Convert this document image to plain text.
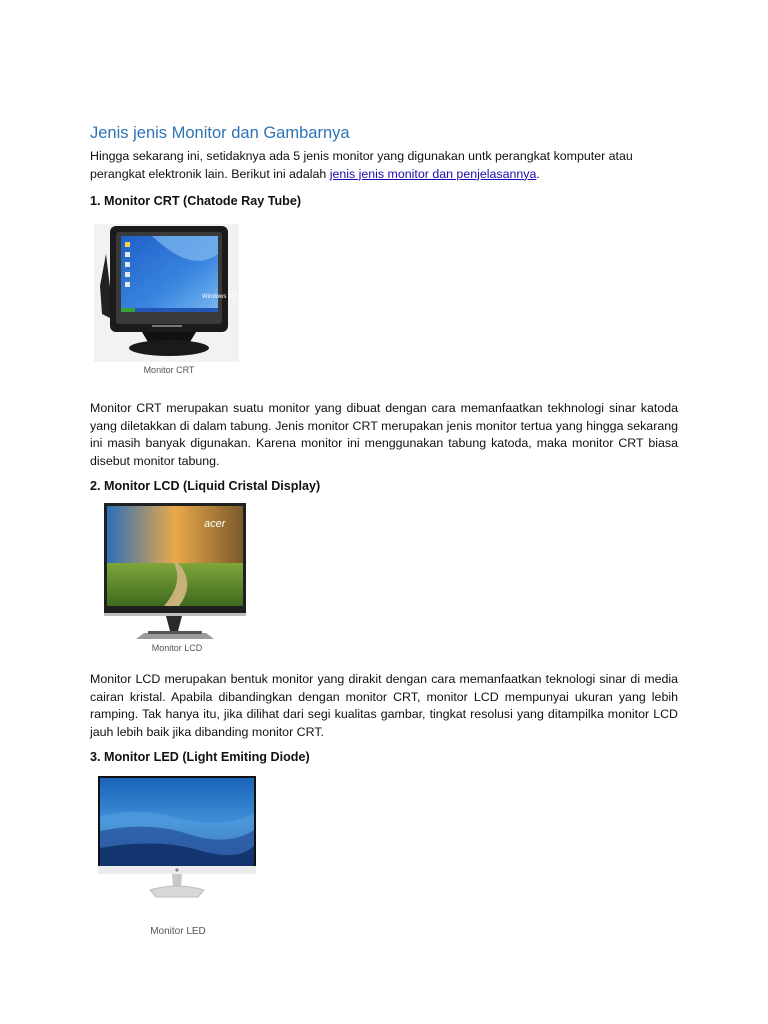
Jenis jenis Monitor dan Gambarnya

Hingga sekarang ini, setidaknya ada 5 jenis monitor yang digunakan untk perangkat komputer atau perangkat elektronik lain. Berikut ini adalah jenis jenis monitor dan penjelasannya.

1. Monitor CRT (Chatode Ray Tube)
Windows XP
Monitor CRT

Monitor CRT merupakan suatu monitor yang dibuat dengan cara memanfaatkan tekhnologi sinar katoda yang diletakkan di dalam tabung. Jenis monitor CRT merupakan jenis monitor tertua yang hingga sekarang ini masih banyak digunakan. Karena monitor ini menggunakan tabung katoda, maka monitor CRT biasa disebut monitor tabung.

2. Monitor LCD (Liquid Cristal Display)
acer
Monitor LCD

Monitor LCD merupakan bentuk monitor yang dirakit dengan cara memanfaatkan teknologi sinar di media cairan kristal. Apabila dibandingkan dengan monitor CRT, monitor LCD mempunyai ukuran yang lebih ramping. Tak hanya itu, jika dilihat dari segi kualitas gambar, tingkat resolusi yang ditampilka monitor LCD jauh lebih baik jika dibanding monitor CRT.

3. Monitor LED (Light Emiting Diode)
Monitor LED
